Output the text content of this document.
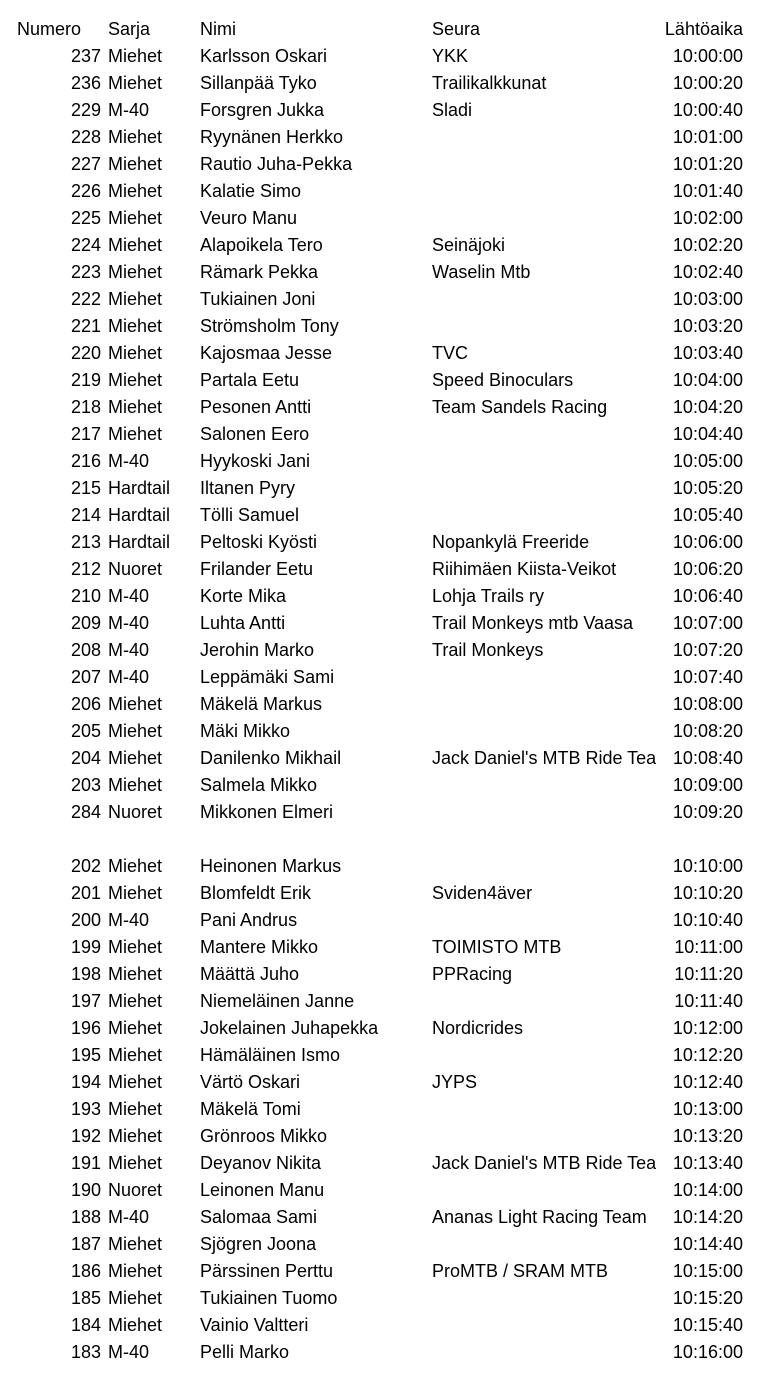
Numero	Sarja	Nimi	Seura	Lähtöaika
237 Miehet	Karlsson Oskari	YKK	10:00:00
236 Miehet	Sillanpää Tyko	Trailikalkkunat	10:00:20
229 M-40	Forsgren Jukka	Sladi	10:00:40
228 Miehet	Ryynänen Herkko	10:01:00
227 Miehet	Rautio Juha-Pekka	10:01:20
226 Miehet	Kalatie Simo	10:01:40
225 Miehet	Veuro Manu	10:02:00
224 Miehet	Alapoikela Tero	Seinäjoki	10:02:20
223 Miehet	Rämark Pekka	Waselin Mtb	10:02:40
222 Miehet	Tukiainen Joni	10:03:00
221 Miehet	Strömsholm Tony	10:03:20
220 Miehet	Kajosmaa Jesse	TVC	10:03:40
219 Miehet	Partala Eetu	Speed Binoculars	10:04:00
218 Miehet	Pesonen Antti	Team Sandels Racing	10:04:20
217 Miehet	Salonen Eero	10:04:40
216 M-40	Hyykoski Jani	10:05:00
215 Hardtail	Iltanen Pyry	10:05:20
214 Hardtail	Tölli Samuel	10:05:40
213 Hardtail	Peltoski Kyösti	Nopankylä Freeride	10:06:00
212 Nuoret	Frilander Eetu	Riihimäen Kiista-Veikot	10:06:20
210 M-40	Korte Mika	Lohja Trails ry	10:06:40
209 M-40	Luhta Antti	Trail Monkeys mtb Vaasa	10:07:00
208 M-40	Jerohin Marko	Trail Monkeys	10:07:20
207 M-40	Leppämäki Sami	10:07:40
206 Miehet	Mäkelä Markus	10:08:00
205 Miehet	Mäki Mikko	10:08:20
204 Miehet	Danilenko Mikhail	Jack Daniel's MTB Ride Tea 10:08:40
203 Miehet	Salmela Mikko	10:09:00
284 Nuoret	Mikkonen Elmeri	10:09:20
202 Miehet	Heinonen Markus	10:10:00
201 Miehet	Blomfeldt Erik	Sviden4äver	10:10:20
200 M-40	Pani Andrus	10:10:40
199 Miehet	Mantere Mikko	TOIMISTO MTB	10:11:00
198 Miehet	Määttä Juho	PPRacing	10:11:20
197 Miehet	Niemeläinen Janne	10:11:40
196 Miehet	Jokelainen Juhapekka	Nordicrides	10:12:00
195 Miehet	Hämäläinen Ismo	10:12:20
194 Miehet	Värtö Oskari	JYPS	10:12:40
193 Miehet	Mäkelä Tomi	10:13:00
192 Miehet	Grönroos Mikko	10:13:20
191 Miehet	Deyanov Nikita	Jack Daniel's MTB Ride Tea 10:13:40
190 Nuoret	Leinonen Manu	10:14:00
188 M-40	Salomaa Sami	Ananas Light Racing Team	10:14:20
187 Miehet	Sjögren Joona	10:14:40
186 Miehet	Pärssinen Perttu	ProMTB / SRAM MTB	10:15:00
185 Miehet	Tukiainen Tuomo	10:15:20
184 Miehet	Vainio Valtteri	10:15:40
183 M-40	Pelli Marko	10:16:00
